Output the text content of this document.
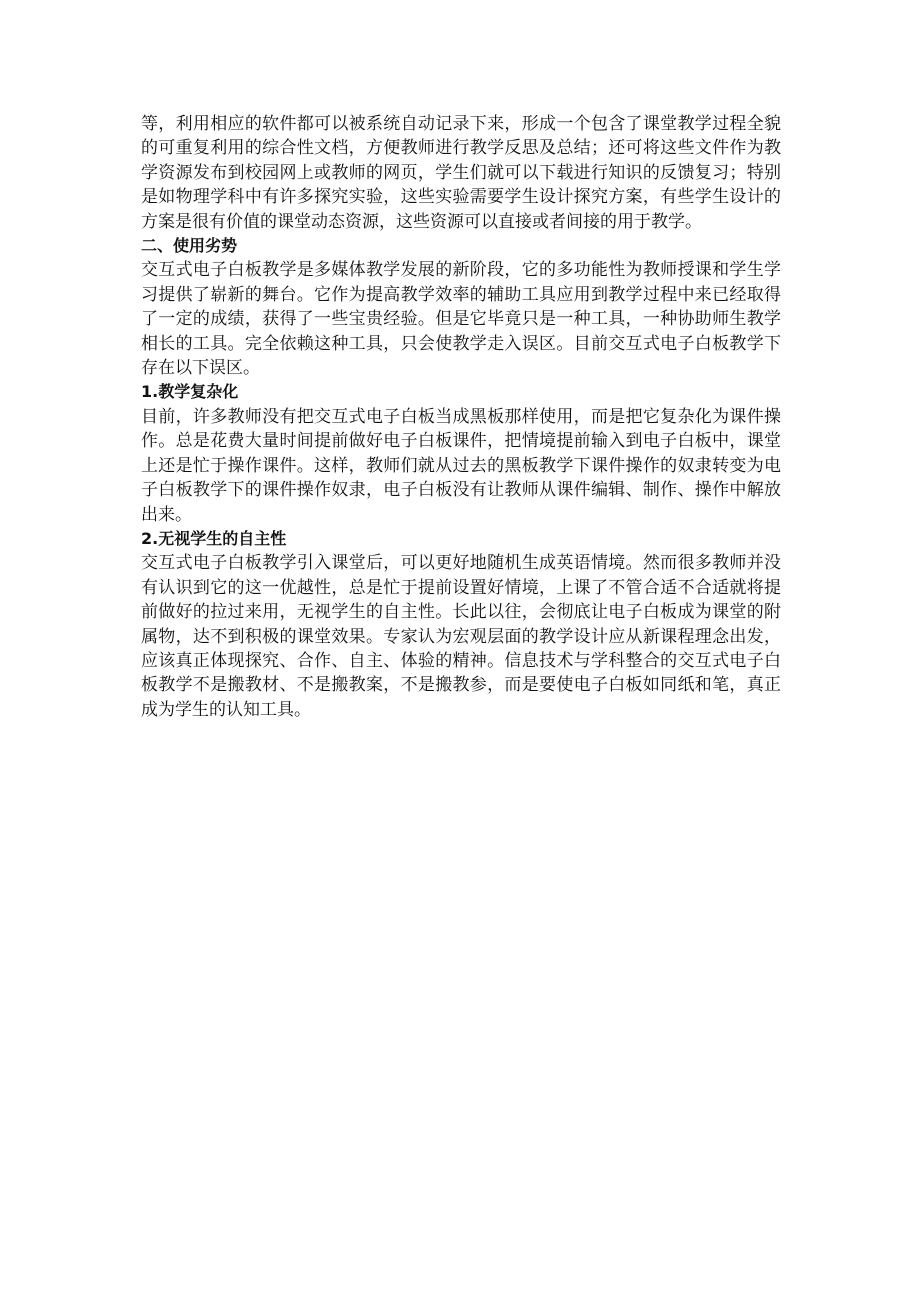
等，利用相应的软件都可以被系统自动记录下来，形成一个包含了课堂教学过程全貌的可重复利用的综合性文档，方便教师进行教学反思及总结；还可将这些文件作为教学资源发布到校园网上或教师的网页，学生们就可以下载进行知识的反馈复习；特别是如物理学科中有许多探究实验，这些实验需要学生设计探究方案，有些学生设计的方案是很有价值的课堂动态资源，这些资源可以直接或者间接的用于教学。

二、使用劣势

交互式电子白板教学是多媒体教学发展的新阶段，它的多功能性为教师授课和学生学习提供了崭新的舞台。它作为提高教学效率的辅助工具应用到教学过程中来已经取得了一定的成绩，获得了一些宝贵经验。但是它毕竟只是一种工具，一种协助师生教学相长的工具。完全依赖这种工具，只会使教学走入误区。目前交互式电子白板教学下存在以下误区。

1.教学复杂化

目前，许多教师没有把交互式电子白板当成黑板那样使用，而是把它复杂化为课件操作。总是花费大量时间提前做好电子白板课件，把情境提前输入到电子白板中，课堂上还是忙于操作课件。这样，教师们就从过去的黑板教学下课件操作的奴隶转变为电子白板教学下的课件操作奴隶，电子白板没有让教师从课件编辑、制作、操作中解放出来。

2.无视学生的自主性

交互式电子白板教学引入课堂后，可以更好地随机生成英语情境。然而很多教师并没有认识到它的这一优越性，总是忙于提前设置好情境，上课了不管合适不合适就将提前做好的拉过来用，无视学生的自主性。长此以往，会彻底让电子白板成为课堂的附属物，达不到积极的课堂效果。专家认为宏观层面的教学设计应从新课程理念出发，应该真正体现探究、合作、自主、体验的精神。信息技术与学科整合的交互式电子白板教学不是搬教材、不是搬教案，不是搬教参，而是要使电子白板如同纸和笔，真正成为学生的认知工具。
